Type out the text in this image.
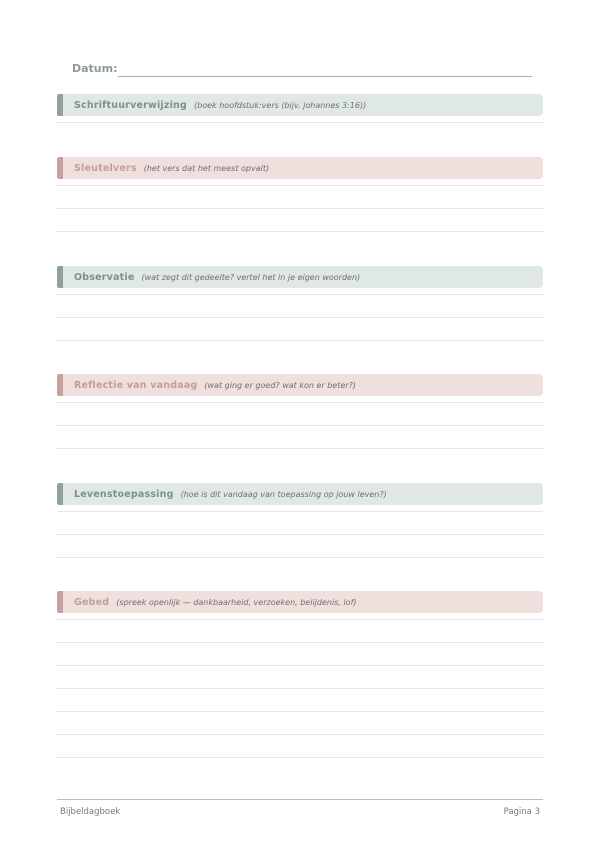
Datum:
Schriftuurverwijzing (boek hoofdstuk:vers (bijv. johannes 3:16))
Sleutelvers (het vers dat het meest opvalt)
Observatie (wat zegt dit gedeelte? vertel het in je eigen woorden)
Reflectie van vandaag (wat ging er goed? wat kon er beter?)
Levenstoepassing (hoe is dit vandaag van toepassing op jouw leven?)
Gebed (spreek openlijk — dankbaarheid, verzoeken, belijdenis, lof)
Bijbeldagboek	Pagina 3
